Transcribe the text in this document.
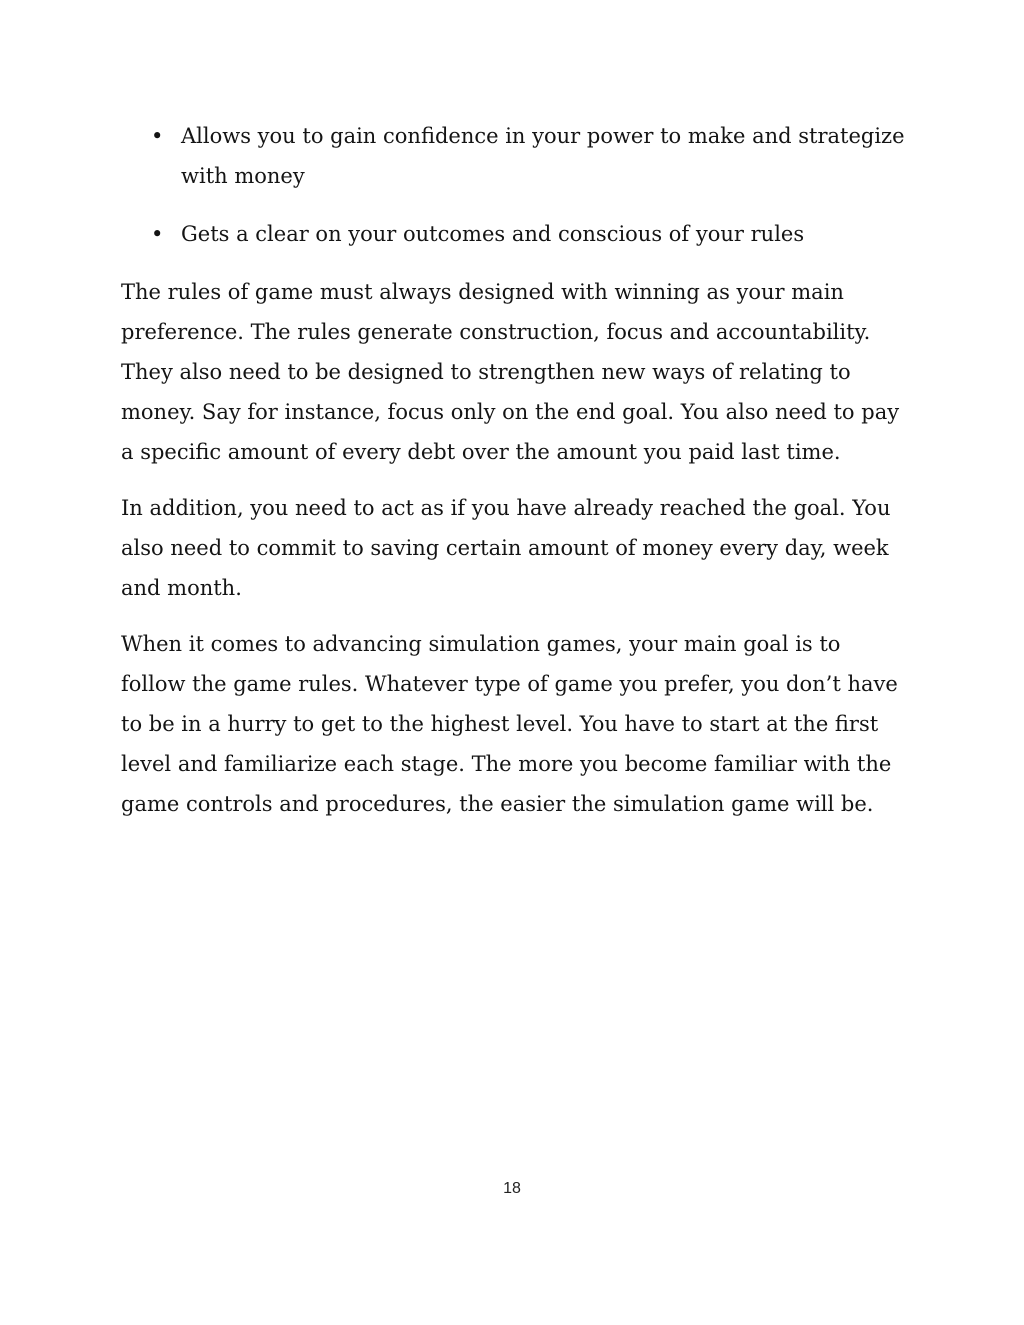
• Allows you to gain confidence in your power to make and strategize with money
• Gets a clear on your outcomes and conscious of your rules

The rules of game must always designed with winning as your main preference. The rules generate construction, focus and accountability. They also need to be designed to strengthen new ways of relating to money. Say for instance, focus only on the end goal. You also need to pay a specific amount of every debt over the amount you paid last time.

In addition, you need to act as if you have already reached the goal. You also need to commit to saving certain amount of money every day, week and month.

When it comes to advancing simulation games, your main goal is to follow the game rules. Whatever type of game you prefer, you don’t have to be in a hurry to get to the highest level. You have to start at the first level and familiarize each stage. The more you become familiar with the game controls and procedures, the easier the simulation game will be.

18
